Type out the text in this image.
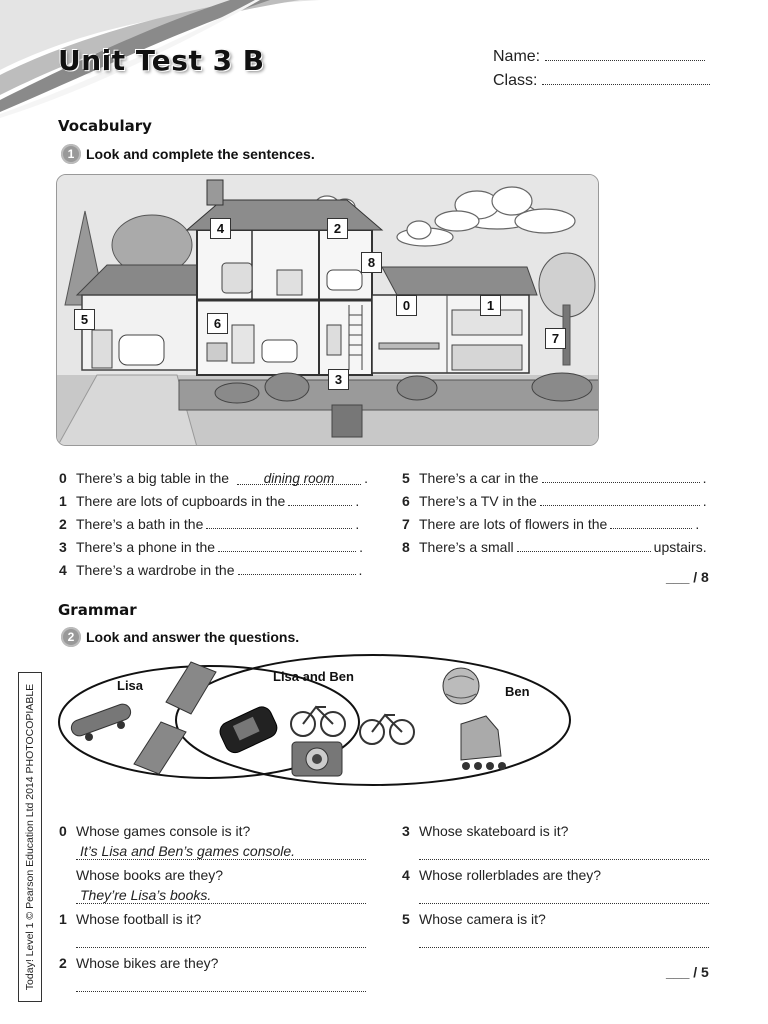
Unit Test 3 B	Name:
Class:
Vocabulary
1 Look and complete the sentences.
4	2
8
0	1
5	6
7
3
0 There’s a big table in the	dining room	.
1 There are lots of cupboards in the	.
2 There’s a bath in the	.
3 There’s a phone in the	.
4 There’s a wardrobe in the	.
5 There’s a car in the	.
6 There’s a TV in the	.
7 There are lots of flowers in the	.
8 There’s a small	upstairs.
___ / 8
Grammar
2 Look and answer the questions.
Lisa
Lisa and Ben
Ben
0 Whose games console is it?
It’s Lisa and Ben’s games console.
Whose books are they?
They’re Lisa’s books.
1 Whose football is it?
2 Whose bikes are they?
3 Whose skateboard is it?
4 Whose rollerblades are they?
5 Whose camera is it?
___ / 5
Today! Level 1 © Pearson Education Ltd 2014 PHOTOCOPIABLE
